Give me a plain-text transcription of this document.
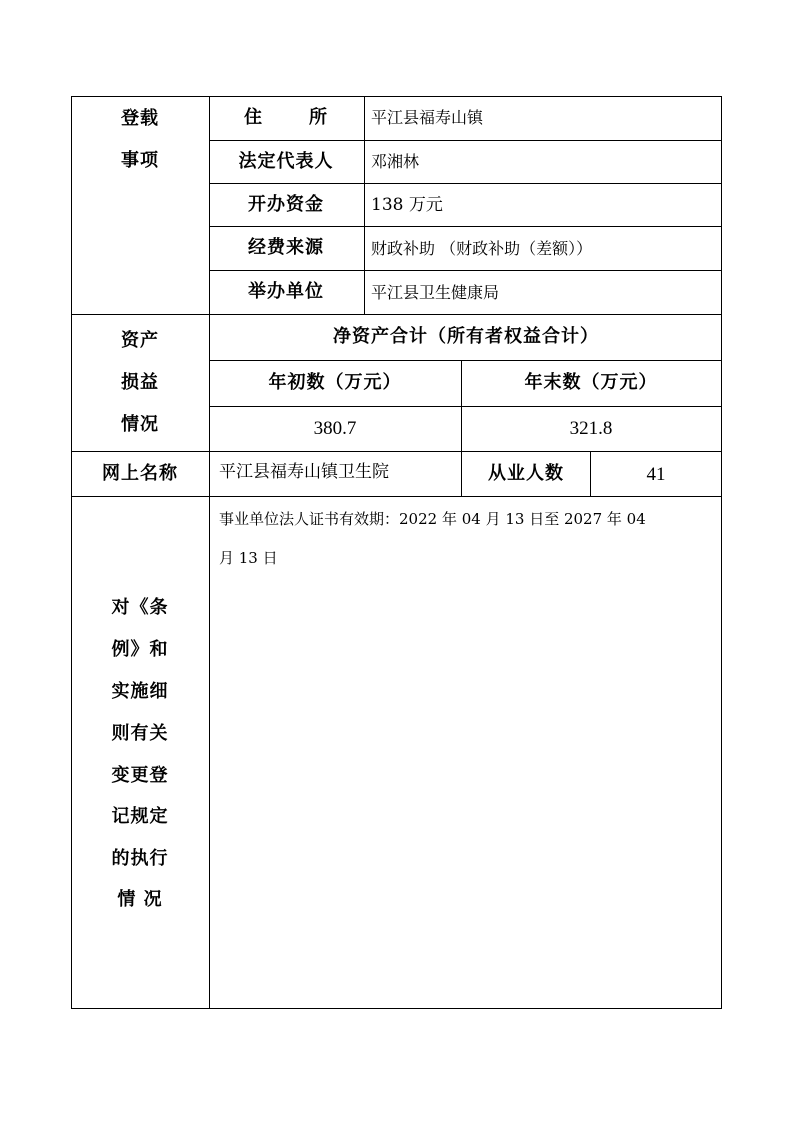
登载
事项
住	所	平江县福寿山镇
法定代表人 邓湘林
开办资金	138 万元
经费来源	财政补助 （财政补助（差额））
举办单位	平江县卫生健康局
资产
损益
情况
净资产合计（所有者权益合计）
年初数（万元）	年末数（万元）
380.7	321.8
网上名称 平江县福寿山镇卫生院	从业人数	41
对《条
例》和
实施细
则有关
变更登
记规定
的执行
情 况
事业单位法人证书有效期：2022 年 04 月 13 日至 2027 年 04
月 13 日
